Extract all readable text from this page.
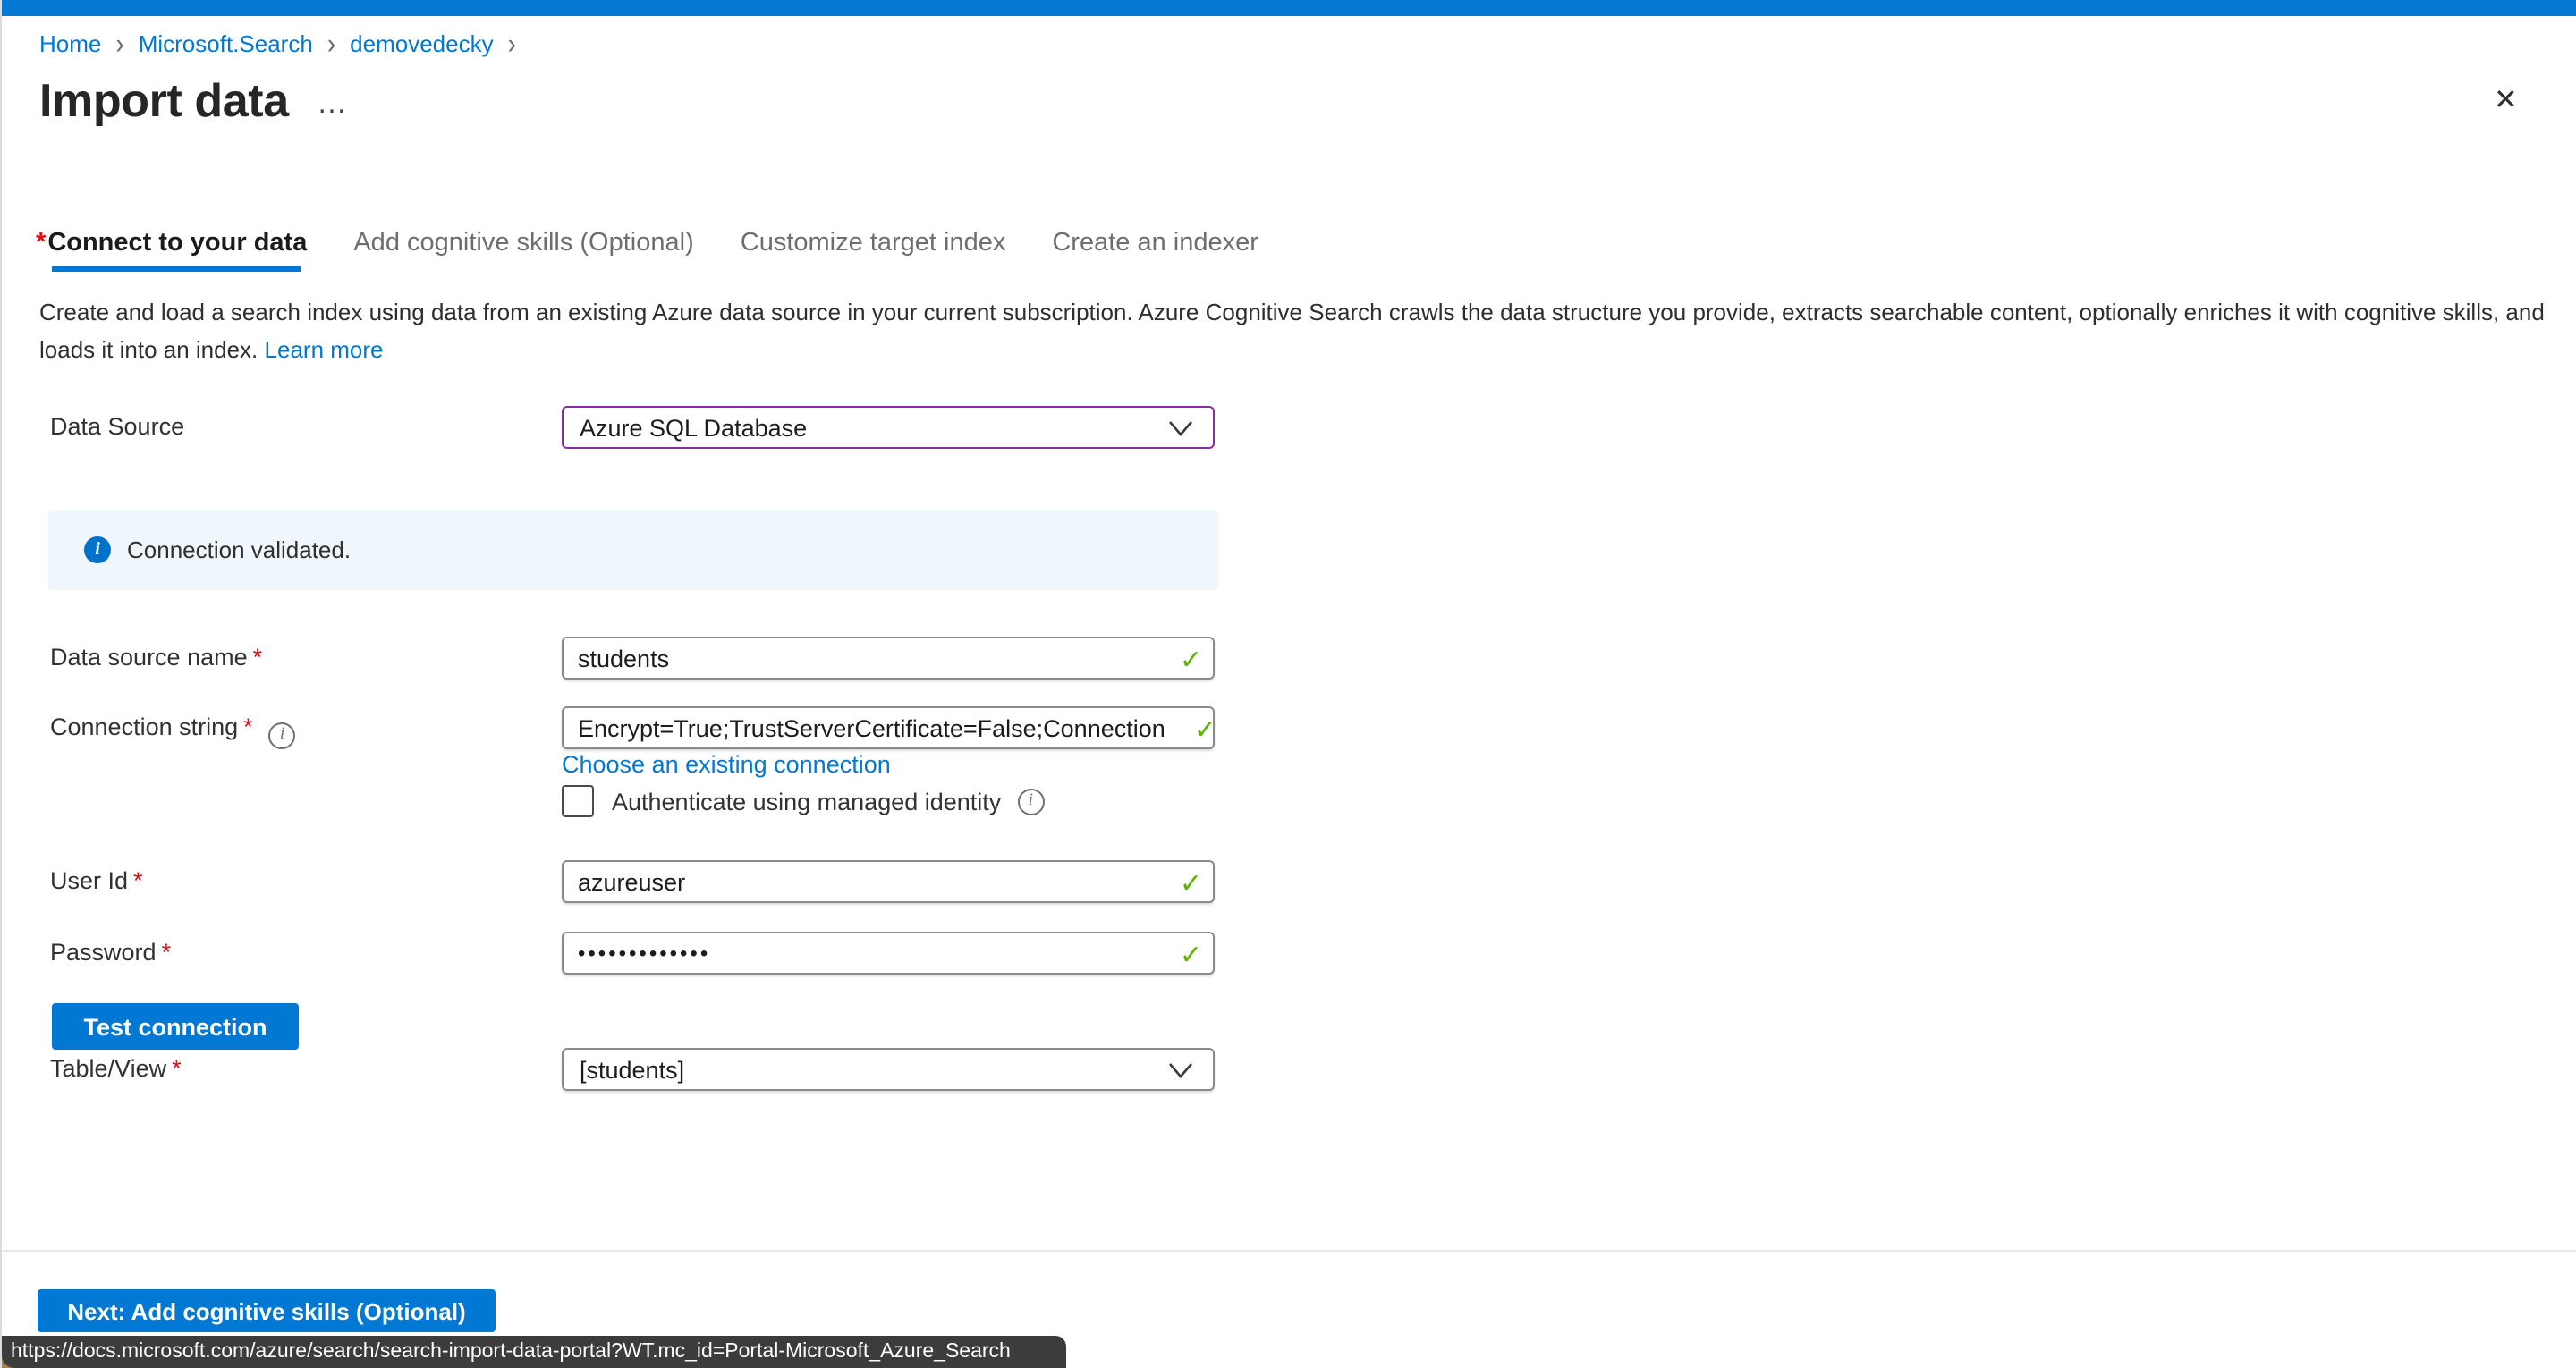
Home › Microsoft.Search › demovedecky ›
Import data …	✕
* Connect to your data	Add cognitive skills (Optional)	Customize target index	Create an indexer
Create and load a search index using data from an existing Azure data source in your current subscription. Azure Cognitive Search crawls the data structure you provide, extracts searchable content, optionally enriches it with cognitive skills, and loads it into an index. Learn more
Data Source	Azure SQL Database
i	Connection validated.
Data source name *
students	✓
Connection string *	i
Encrypt=True;TrustServerCertificate=False;Connection Ti ...	✓
Choose an existing connection
Authenticate using managed identity	i
User Id *
azureuser	✓
Password *
•••••••••••••	✓
Test connection
Table/View *	[students]
Next: Add cognitive skills (Optional)
https://docs.microsoft.com/azure/search/search-import-data-portal?WT.mc_id=Portal-Microsoft_Azure_Search
